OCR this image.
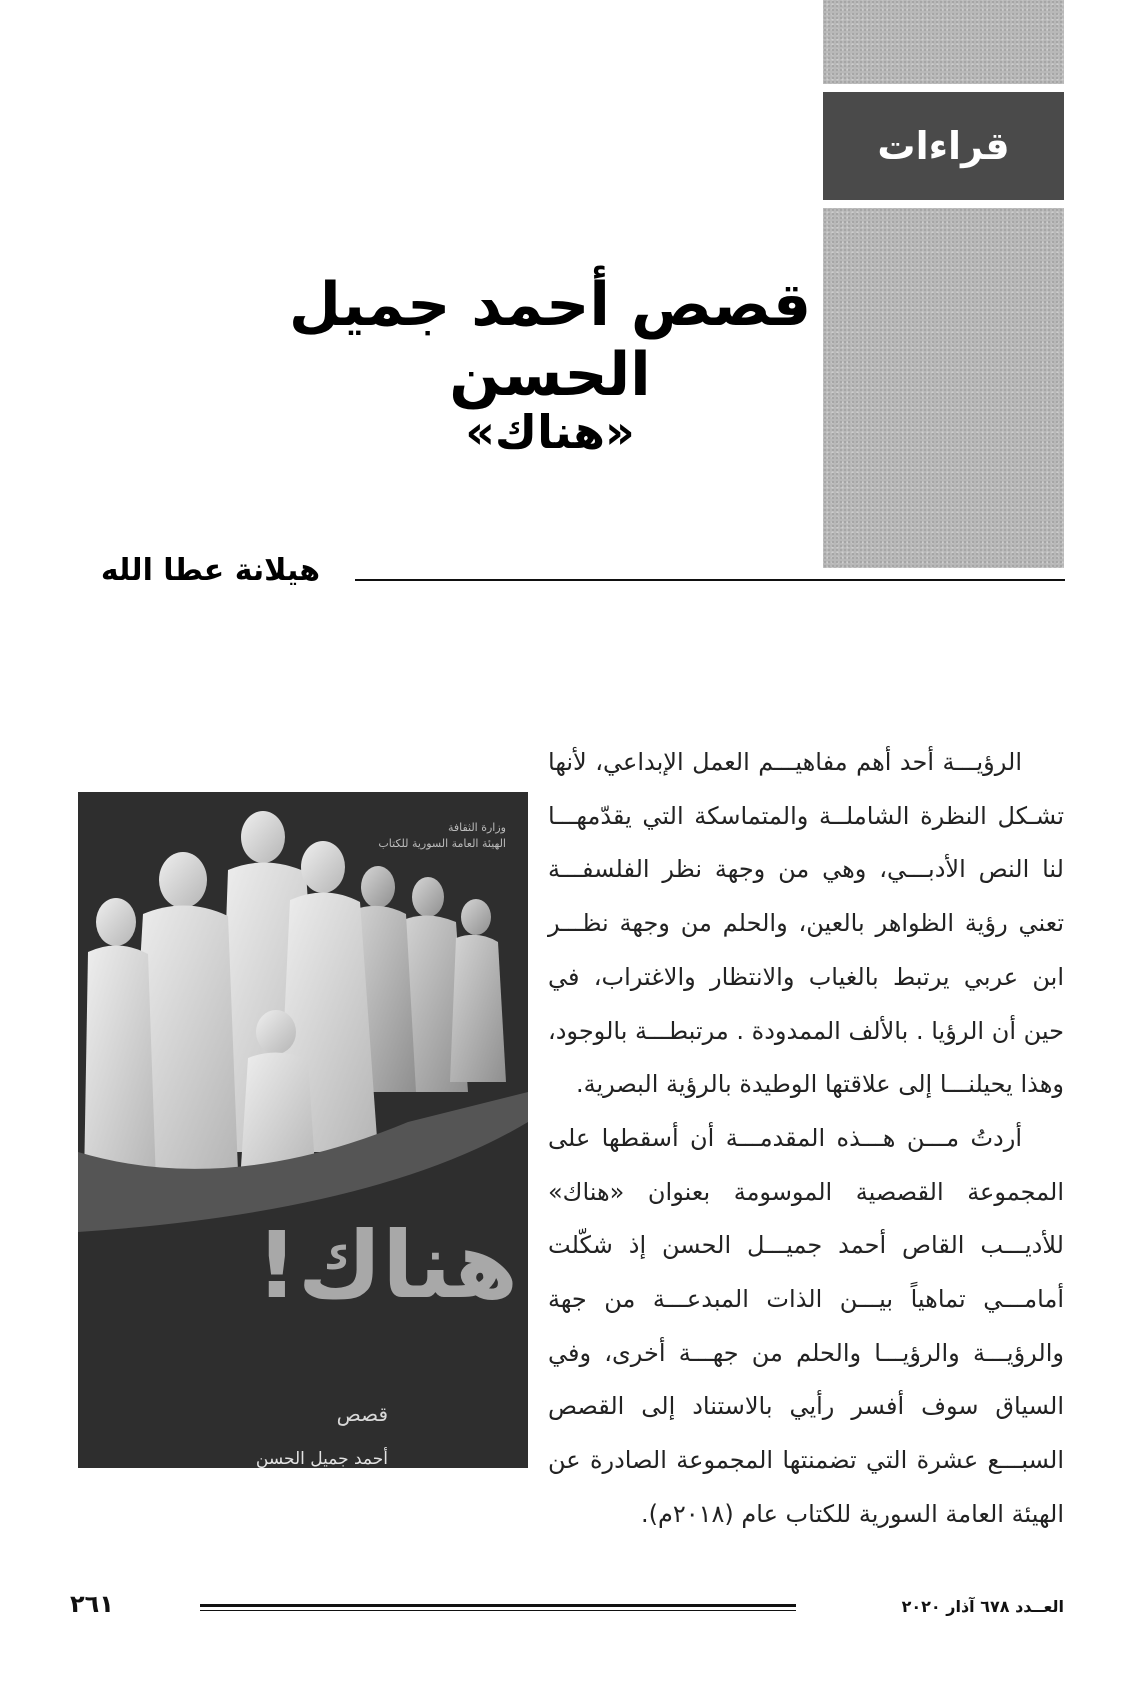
قراءات
قصص أحمد جميل الحسن
«هناك»
هيلانة عطا الله

الرؤيـــة أحد أهم مفاهيـــم العمل الإبداعي، لأنها تشـكل النظرة الشاملــة والمتماسكة التي يقدّمهـــا لنا النص الأدبـــي، وهي من وجهة نظر الفلسفـــة تعني رؤية الظواهر بالعين، والحلم من وجهة نظـــر ابن عربي يرتبط بالغياب والانتظار والاغتراب، في حين أن الرؤيا . بالألف الممدودة . مرتبطـــة بالوجود، وهذا يحيلنـــا إلى علاقتها الوطيدة بالرؤية البصرية.

أردتُ مـــن هـــذه المقدمـــة أن أسقطها على المجموعة القصصية الموسومة بعنوان «هناك» للأديـــب القاص أحمد جميـــل الحسن إذ شكّلت أمامـــي تماهياً بيـــن الذات المبدعـــة من جهة والرؤيـــة والرؤيـــا والحلم من جهـــة أخرى، وفي السياق سوف أفسر رأيي بالاستناد إلى القصص السبـــع عشرة التي تضمنتها المجموعة الصادرة عن الهيئة العامة السورية للكتاب عام (٢٠١٨م).

وزارة الثقافة
الهيئة العامة السورية للكتاب
هناك!
قصص
أحمد جميل الحسن
العــدد ٦٧٨ آذار ٢٠٢٠
٢٦١
